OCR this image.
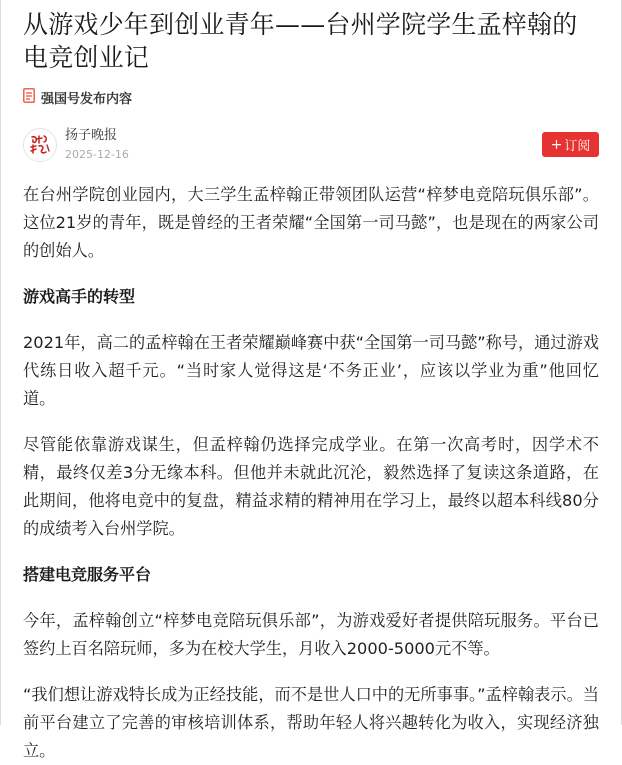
从游戏少年到创业青年——台州学院学生孟梓翰的电竞创业记
强国号发布内容
扬子晚报
2025-12-16
+ 订阅

在台州学院创业园内，大三学生孟梓翰正带领团队运营“梓梦电竞陪玩俱乐部”。这位21岁的青年，既是曾经的王者荣耀“全国第一司马懿”，也是现在的两家公司的创始人。

游戏高手的转型

2021年，高二的孟梓翰在王者荣耀巅峰赛中获“全国第一司马懿”称号，通过游戏代练日收入超千元。“当时家人觉得这是‘不务正业’，应该以学业为重”他回忆道。

尽管能依靠游戏谋生，但孟梓翰仍选择完成学业。在第一次高考时，因学术不精，最终仅差3分无缘本科。但他并未就此沉沦，毅然选择了复读这条道路，在此期间，他将电竞中的复盘，精益求精的精神用在学习上，最终以超本科线80分的成绩考入台州学院。

搭建电竞服务平台

今年，孟梓翰创立“梓梦电竞陪玩俱乐部”，为游戏爱好者提供陪玩服务。平台已签约上百名陪玩师，多为在校大学生，月收入2000-5000元不等。

“我们想让游戏特长成为正经技能，而不是世人口中的无所事事。”孟梓翰表示。当前平台建立了完善的审核培训体系，帮助年轻人将兴趣转化为收入，实现经济独立。
